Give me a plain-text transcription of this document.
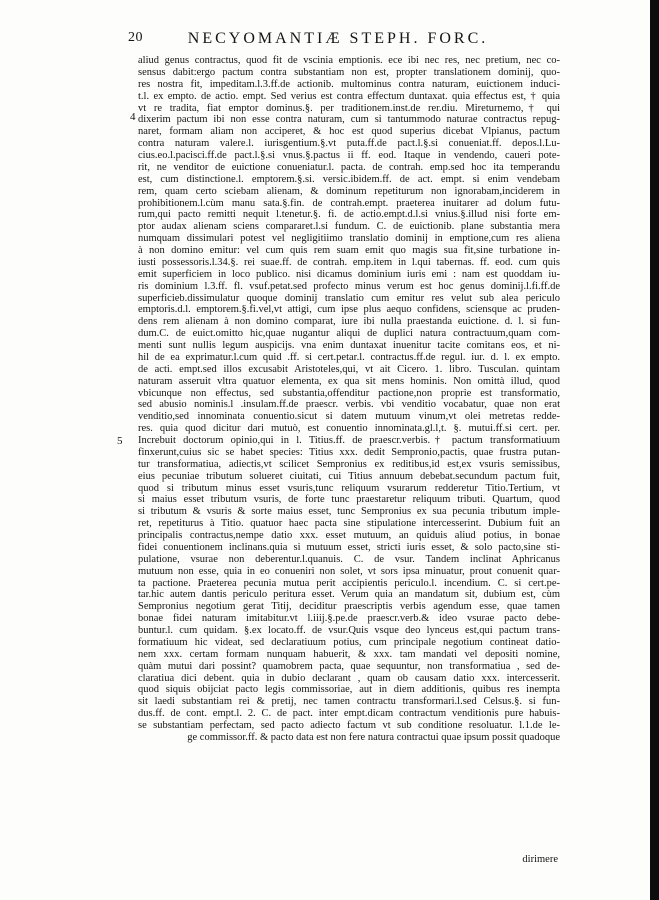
20	NECYOMANTIÆ STEPH. FORC.
4
5
aliud genus contractus, quod fit de vscinia emptionis. ece ibi nec res, nec pretium, nec co-
sensus dabit:ergo pactum contra substantiam non est, propter translationem dominij, quo-
res nostra fit, impeditam.l.3.ff.de actionib. multominus contra naturam, euictionem induci-
t.l. ex empto. de actio. empt. Sed verius est contra effectum duntaxat. quia effectus est, † quia
vt re tradita, fiat emptor dominus.§. per traditionem.inst.de rer.diu. Mireturnemo,† qui
dixerim pactum ibi non esse contra naturam, cum si tantummodo naturae contractus repug-
naret, formam aliam non acciperet, & hoc est quod superius dicebat Vlpianus, pactum
contra naturam valere.l. iurisgentium.§.vt puta.ff.de pact.l.§.si conueniat.ff. depos.l.Lu-
cius.eo.l.pacisci.ff.de pact.l.§.si vnus.§.pactus ii ff. eod. Itaque in vendendo, caueri pote-
rit, ne venditor de euictione conueniatur.l. pacta. de contrah. emp.sed hoc ita temperandu
est, cum distinctione.l. emptorem.§.si. versic.ibidem.ff. de act. empt. si enim vendebam
rem, quam certo sciebam alienam, & dominum repetiturum non ignorabam,inciderem in
prohibitionem.l.cùm manu sata.§.fin. de contrah.empt. praeterea inuitarer ad dolum futu-
rum,qui pacto remitti nequit l.tenetur.§. fi. de actio.empt.d.l.si vnius.§.illud nisi forte em-
ptor audax alienam sciens compararet.l.si fundum. C. de euictionib. plane substantia mera
numquam dissimulari potest vel negligitiimo translatio dominij in emptione,cum res aliena
à non domino emitur: vel cum quis rem suam emit quo magis sua fit,sine turbatione in-
iusti possessoris.l.34.§. rei suae.ff. de contrah. emp.item in l.qui tabernas. ff. eod. cum quis
emit superficiem in loco publico. nisi dicamus dominium iuris emi : nam est quoddam iu-
ris dominium l.3.ff. fl. vsuf.petat.sed profecto minus verum est hoc genus dominij.l.fi.ff.de
superficieb.dissimulatur quoque dominij translatio cum emitur res velut sub alea periculo
emptoris.d.l. emptorem.§.fi.vel,vt attigi, cum ipse plus aequo confidens, sciensque ac pruden-
dens rem alienam à non domino comparat, iure ibi nulla praestanda euictione. d. l. si fun-
dum.C. de euict.omitto hic,quae nugantur aliqui de duplici natura contractuum,quam com-
menti sunt nullis legum auspicijs. vna enim duntaxat inuenitur tacite comitans eos, et ni-
hil de ea exprimatur.l.cum quid .ff. si cert.petar.l. contractus.ff.de regul. iur. d. l. ex empto.
de acti. empt.sed illos excusabit Aristoteles,qui, vt ait Cicero. 1. libro. Tusculan. quintam
naturam asseruit vltra quatuor elementa, ex qua sit mens hominis. Non omittà illud, quod
vbicunque non effectus, sed substantia,offenditur pactione,non proprie est transformatio,
sed abusio nominis.l .insulam.ff.de praescr. verbis. vbi venditio vocabatur, quae non erat
venditio,sed innominata conuentio.sicut si datem mutuum vinum,vt olei metretas redde-
res. quia quod dicitur dari mutuò, est conuentio innominata.gl.l,t. §. mutui.ff.si cert. per.
Increbuit doctorum opinio,qui in l. Titius.ff. de praescr.verbis.† pactum transformatiuum
finxerunt,cuius sic se habet species: Titius xxx. dedit Sempronio,pactis, quae frustra putan-
tur transformatiua, adiectis,vt scilicet Sempronius ex reditibus,id est,ex vsuris semissibus,
eius pecuniae tributum solueret ciuitati, cui Titius annuum debebat.secundum pactum fuit,
quod si tributum minus esset vsuris,tunc reliquum vsurarum redderetur Titio.Tertium, vt
si maius esset tributum vsuris, de forte tunc praestaretur reliquum tributi. Quartum, quod
si tributum & vsuris & sorte maius esset, tunc Sempronius ex sua pecunia tributum imple-
ret, repetiturus à Titio. quatuor haec pacta sine stipulatione intercesserint. Dubium fuit an
principalis contractus,nempe datio xxx. esset mutuum, an quiduis aliud potius, in bonae
fidei conuentionem inclinans.quia si mutuum esset, stricti iuris esset, & solo pacto,sine sti-
pulatione, vsurae non deberentur.l.quanuis. C. de vsur. Tandem inclinat Aphricanus
mutuum non esse, quia in eo conueniri non solet, vt sors ipsa minuatur, prout conuenit quar-
ta pactione. Praeterea pecunia mutua perit accipientis periculo.l. incendium. C. si cert.pe-
tar.hic autem dantis periculo peritura esset. Verum quia an mandatum sit, dubium est, cùm
Sempronius negotium gerat Titij, deciditur praescriptis verbis agendum esse, quae tamen
bonae fidei naturam imitabitur.vt l.iiij.§.pe.de praescr.verb.& ideo vsurae pacto debe-
buntur.l. cum quidam. §.ex locato.ff. de vsur.Quis vsque deo lynceus est,qui pactum trans-
formatiuum hic videat, sed declaratiuum potius, cum principale negotium contineat datio-
nem xxx. certam formam nunquam habuerit, & xxx. tam mandati vel depositi nomine,
quàm mutui dari possint? quamobrem pacta, quae sequuntur, non transformatiua , sed de-
claratiua dici debent. quia in dubio declarant , quam ob causam datio xxx. intercesserit.
quod siquis obijciat pacto legis commissoriae, aut in diem additionis, quibus res inempta
sit laedi substantiam rei & pretij, nec tamen contractu transformari.l.sed Celsus.§. si fun-
dus.ff. de cont. empt.l. 2. C. de pact. inter empt.dicam contractum venditionis pure habuis-
se substantiam perfectam, sed pacto adiecto factum vt sub conditione resoluatur. l.1.de le-
ge commissor.ff. & pacto data est non fere natura contractui quae ipsum possit quadoque
dirimere
